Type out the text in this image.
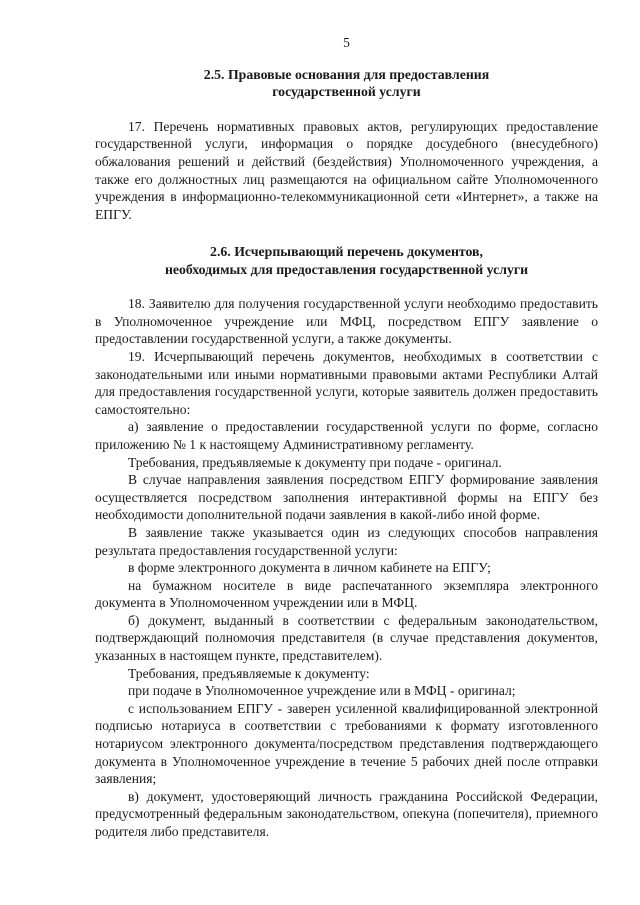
5
2.5. Правовые основания для предоставления
государственной услуги

17. Перечень нормативных правовых актов, регулирующих предоставление государственной услуги, информация о порядке досудебного (внесудебного) обжалования решений и действий (бездействия) Уполномоченного учреждения, а также его должностных лиц размещаются на официальном сайте Уполномоченного учреждения в информационно-телекоммуникационной сети «Интернет», а также на ЕПГУ.

2.6. Исчерпывающий перечень документов,
необходимых для предоставления государственной услуги

18. Заявителю для получения государственной услуги необходимо предоставить в Уполномоченное учреждение или МФЦ, посредством ЕПГУ заявление о предоставлении государственной услуги, а также документы.

19. Исчерпывающий перечень документов, необходимых в соответствии с законодательными или иными нормативными правовыми актами Республики Алтай для предоставления государственной услуги, которые заявитель должен предоставить самостоятельно:

а) заявление о предоставлении государственной услуги по форме, согласно приложению № 1 к настоящему Административному регламенту.

Требования, предъявляемые к документу при подаче - оригинал.

В случае направления заявления посредством ЕПГУ формирование заявления осуществляется посредством заполнения интерактивной формы на ЕПГУ без необходимости дополнительной подачи заявления в какой-либо иной форме.

В заявление также указывается один из следующих способов направления результата предоставления государственной услуги:

в форме электронного документа в личном кабинете на ЕПГУ;

на бумажном носителе в виде распечатанного экземпляра электронного документа в Уполномоченном учреждении или в МФЦ.

б) документ, выданный в соответствии с федеральным законодательством, подтверждающий полномочия представителя (в случае представления документов, указанных в настоящем пункте, представителем).

Требования, предъявляемые к документу:

при подаче в Уполномоченное учреждение или в МФЦ - оригинал;

с использованием ЕПГУ - заверен усиленной квалифицированной электронной подписью нотариуса в соответствии с требованиями к формату изготовленного нотариусом электронного документа/посредством представления подтверждающего документа в Уполномоченное учреждение в течение 5 рабочих дней после отправки заявления;

в) документ, удостоверяющий личность гражданина Российской Федерации, предусмотренный федеральным законодательством, опекуна (попечителя), приемного родителя либо представителя.
